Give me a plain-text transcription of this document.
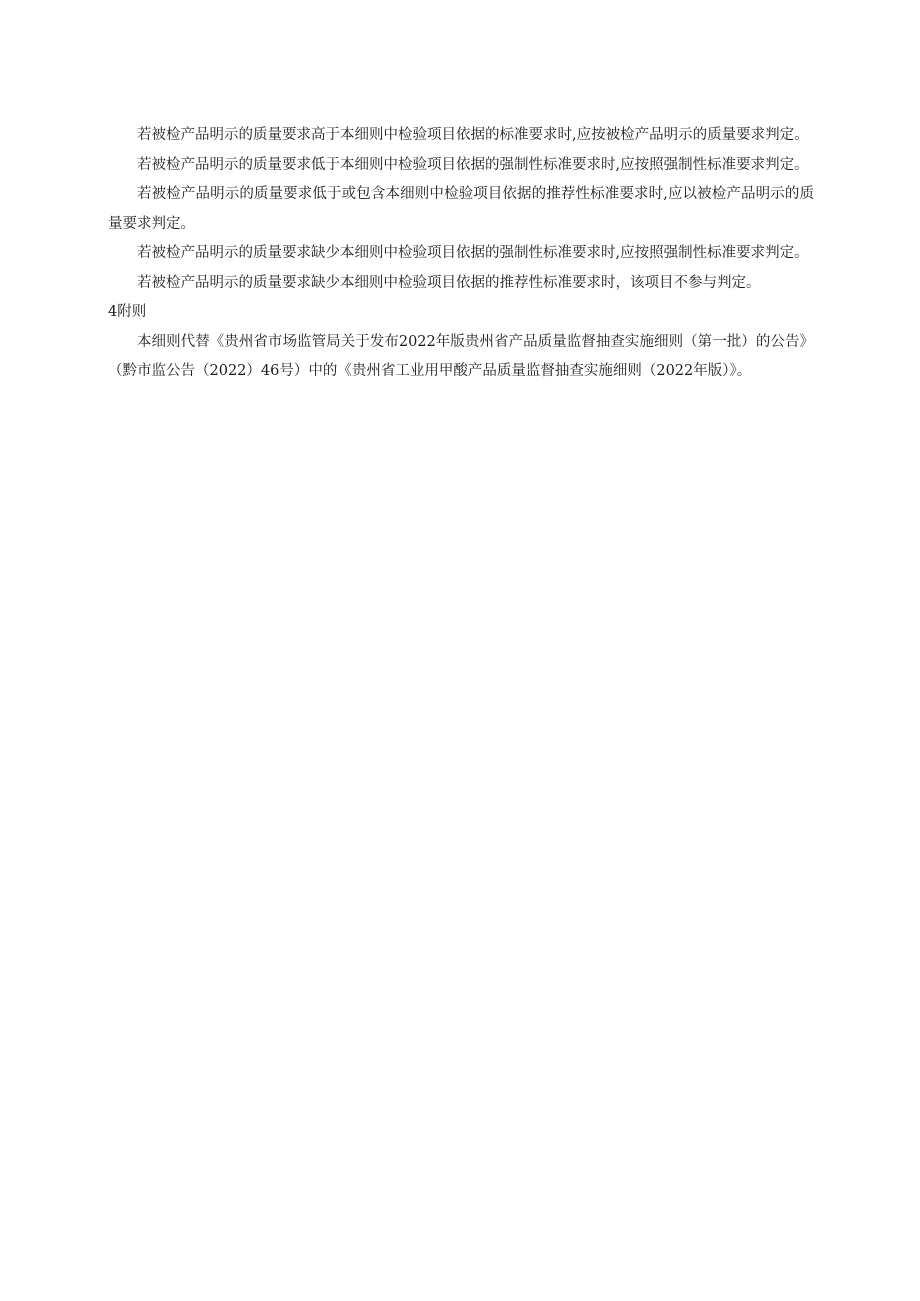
若被检产品明示的质量要求高于本细则中检验项目依据的标准要求时,应按被检产品明示的质量要求判定。

若被检产品明示的质量要求低于本细则中检验项目依据的强制性标准要求时,应按照强制性标准要求判定。

若被检产品明示的质量要求低于或包含本细则中检验项目依据的推荐性标准要求时,应以被检产品明示的质量要求判定。

若被检产品明示的质量要求缺少本细则中检验项目依据的强制性标准要求时,应按照强制性标准要求判定。

若被检产品明示的质量要求缺少本细则中检验项目依据的推荐性标准要求时，该项目不参与判定。

4附则

本细则代替《贵州省市场监管局关于发布2022年版贵州省产品质量监督抽查实施细则（第一批）的公告》（黔市监公告（2022）46号）中的《贵州省工业用甲酸产品质量监督抽查实施细则（2022年版）》。
